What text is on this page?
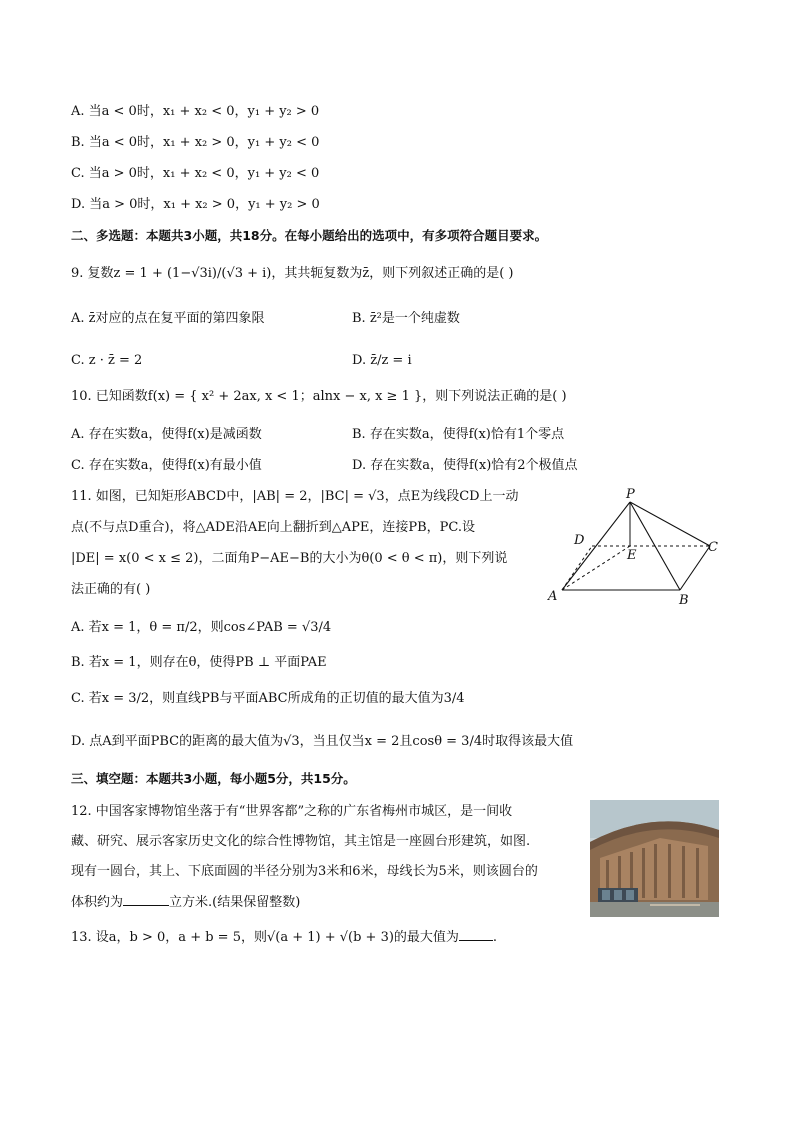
A. 当a < 0时，x₁ + x₂ < 0，y₁ + y₂ > 0
B. 当a < 0时，x₁ + x₂ > 0，y₁ + y₂ < 0
C. 当a > 0时，x₁ + x₂ < 0，y₁ + y₂ < 0
D. 当a > 0时，x₁ + x₂ > 0，y₁ + y₂ > 0
二、多选题：本题共3小题，共18分。在每小题给出的选项中，有多项符合题目要求。
9. 复数z = 1 + (1−√3i)/(√3 + i)，其共轭复数为z̄，则下列叙述正确的是( )
A. z̄对应的点在复平面的第四象限	B. z̄²是一个纯虚数
C. z · z̄ = 2	D. z̄/z = i
10. 已知函数f(x) = { x² + 2ax, x < 1；alnx − x, x ≥ 1 }，则下列说法正确的是( )
A. 存在实数a，使得f(x)是减函数	B. 存在实数a，使得f(x)恰有1个零点
C. 存在实数a，使得f(x)有最小值	D. 存在实数a，使得f(x)恰有2个极值点
11. 如图，已知矩形ABCD中，|AB| = 2，|BC| = √3，点E为线段CD上一动
点(不与点D重合)，将△ADE沿AE向上翻折到△APE，连接PB，PC.设
|DE| = x(0 < x ≤ 2)，二面角P−AE−B的大小为θ(0 < θ < π)，则下列说
法正确的有( )
A. 若x = 1，θ = π/2，则cos∠PAB = √3/4
B. 若x = 1，则存在θ，使得PB ⊥ 平面PAE
C. 若x = 3/2，则直线PB与平面ABC所成角的正切值的最大值为3/4
D. 点A到平面PBC的距离的最大值为√3，当且仅当x = 2且cosθ = 3/4时取得该最大值
P
D
E
C
A	B
三、填空题：本题共3小题，每小题5分，共15分。
12. 中国客家博物馆坐落于有“世界客都”之称的广东省梅州市城区，是一间收
藏、研究、展示客家历史文化的综合性博物馆，其主馆是一座圆台形建筑，如图.
现有一圆台，其上、下底面圆的半径分别为3米和6米，母线长为5米，则该圆台的
体积约为	立方米.(结果保留整数)
13. 设a，b > 0，a + b = 5，则√(a + 1) + √(b + 3)的最大值为	.
